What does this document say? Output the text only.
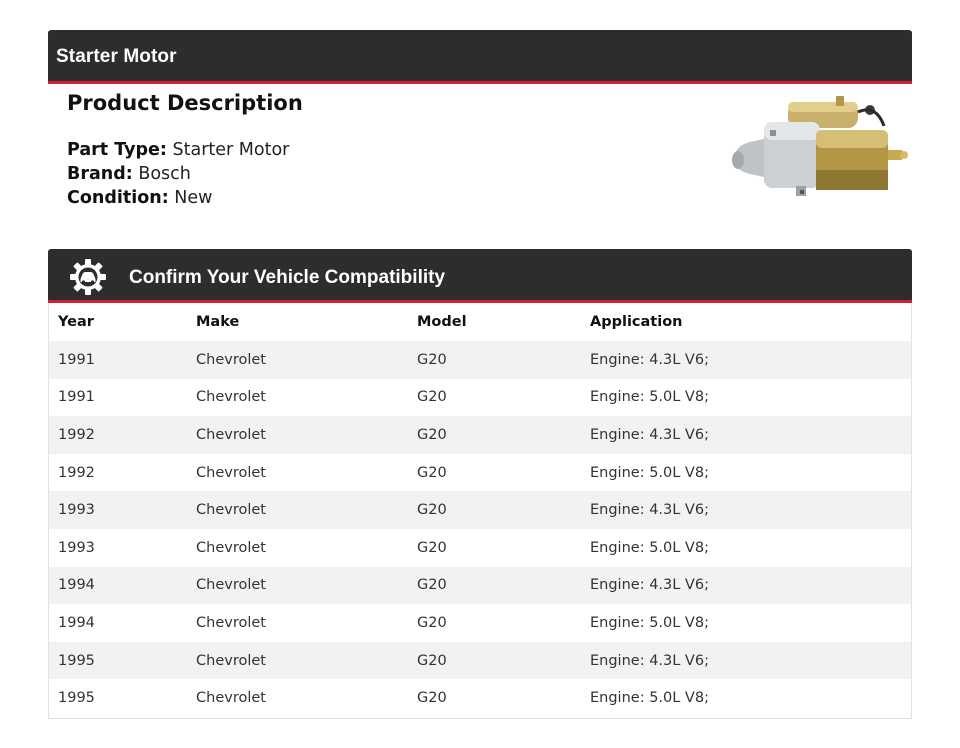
Starter Motor
Product Description
Part Type: Starter Motor
Brand: Bosch
Condition: New
Confirm Your Vehicle Compatibility
Year	Make	Model	Application
1991	Chevrolet	G20	Engine: 4.3L V6;
1991	Chevrolet	G20	Engine: 5.0L V8;
1992	Chevrolet	G20	Engine: 4.3L V6;
1992	Chevrolet	G20	Engine: 5.0L V8;
1993	Chevrolet	G20	Engine: 4.3L V6;
1993	Chevrolet	G20	Engine: 5.0L V8;
1994	Chevrolet	G20	Engine: 4.3L V6;
1994	Chevrolet	G20	Engine: 5.0L V8;
1995	Chevrolet	G20	Engine: 4.3L V6;
1995	Chevrolet	G20	Engine: 5.0L V8;
